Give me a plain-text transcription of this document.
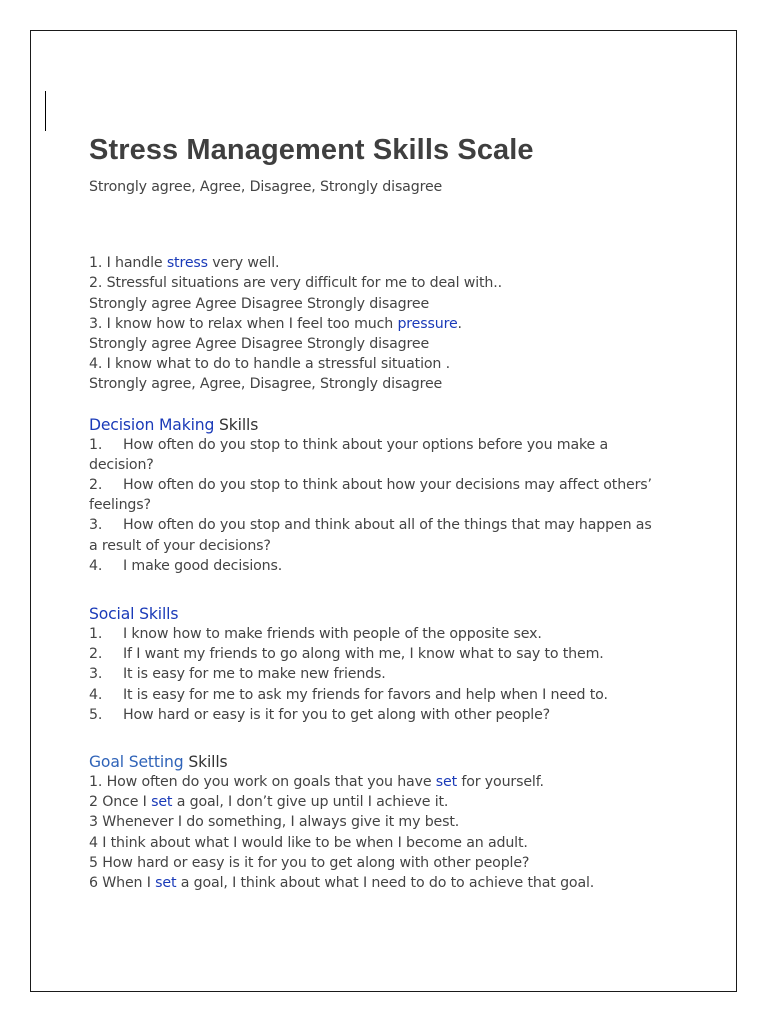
Stress Management Skills Scale
Strongly agree, Agree, Disagree, Strongly disagree
1. I handle stress very well.
2. Stressful situations are very difficult for me to deal with..
Strongly agree Agree Disagree Strongly disagree
3. I know how to relax when I feel too much pressure.
Strongly agree Agree Disagree Strongly disagree
4. I know what to do to handle a stressful situation .
Strongly agree, Agree, Disagree, Strongly disagree
Decision Making Skills
1. How often do you stop to think about your options before you make a
decision?
2. How often do you stop to think about how your decisions may affect others’
feelings?
3. How often do you stop and think about all of the things that may happen as
a result of your decisions?
4. I make good decisions.
Social Skills
1. I know how to make friends with people of the opposite sex.
2. If I want my friends to go along with me, I know what to say to them.
3. It is easy for me to make new friends.
4. It is easy for me to ask my friends for favors and help when I need to.
5. How hard or easy is it for you to get along with other people?
Goal Setting Skills
1. How often do you work on goals that you have set for yourself.
2 Once I set a goal, I don’t give up until I achieve it.
3 Whenever I do something, I always give it my best.
4 I think about what I would like to be when I become an adult.
5 How hard or easy is it for you to get along with other people?
6 When I set a goal, I think about what I need to do to achieve that goal.
